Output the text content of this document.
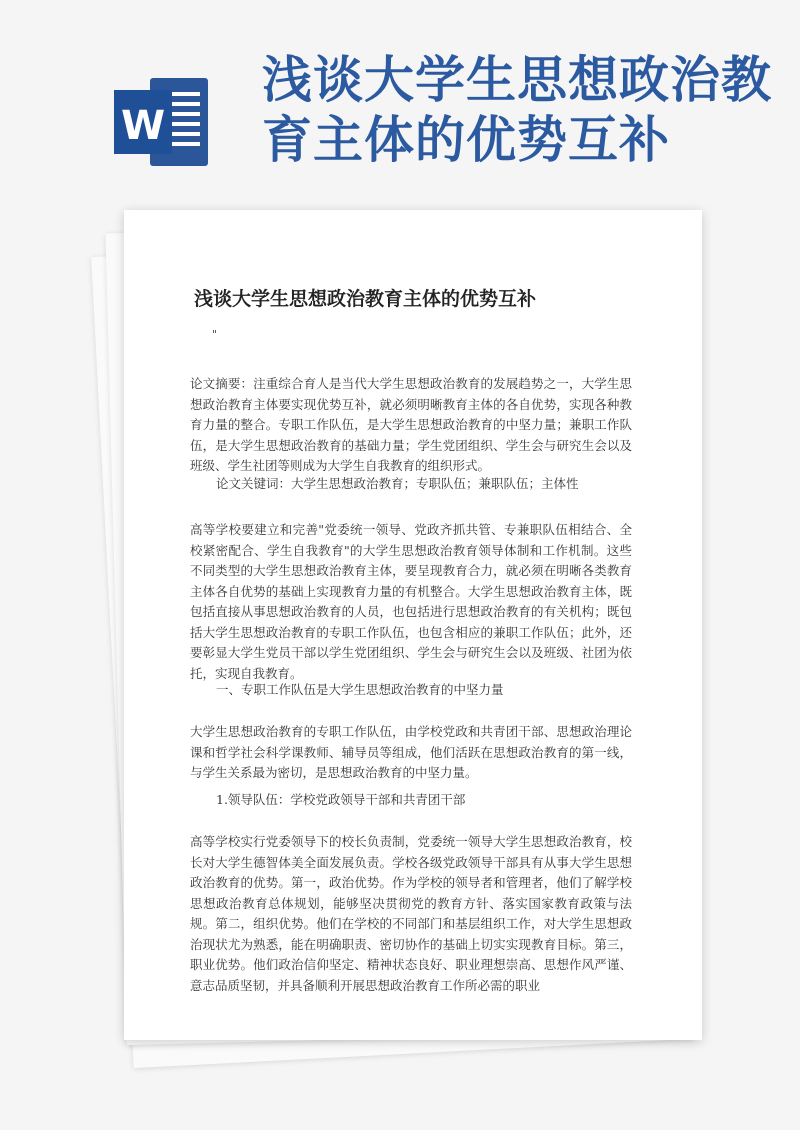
W
浅谈大学生思想政治教育主体的优势互补
浅谈大学生思想政治教育主体的优势互补
"

论文摘要：注重综合育人是当代大学生思想政治教育的发展趋势之一，大学生思想政治教育主体要实现优势互补，就必须明晰教育主体的各自优势，实现各种教育力量的整合。专职工作队伍，是大学生思想政治教育的中坚力量；兼职工作队伍，是大学生思想政治教育的基础力量；学生党团组织、学生会与研究生会以及班级、学生社团等则成为大学生自我教育的组织形式。

论文关键词：大学生思想政治教育；专职队伍；兼职队伍；主体性

高等学校要建立和完善"党委统一领导、党政齐抓共管、专兼职队伍相结合、全校紧密配合、学生自我教育"的大学生思想政治教育领导体制和工作机制。这些不同类型的大学生思想政治教育主体，要呈现教育合力，就必须在明晰各类教育主体各自优势的基础上实现教育力量的有机整合。大学生思想政治教育主体，既包括直接从事思想政治教育的人员，也包括进行思想政治教育的有关机构；既包括大学生思想政治教育的专职工作队伍，也包含相应的兼职工作队伍；此外，还要彰显大学生党员干部以学生党团组织、学生会与研究生会以及班级、社团为依托，实现自我教育。

一、专职工作队伍是大学生思想政治教育的中坚力量

大学生思想政治教育的专职工作队伍，由学校党政和共青团干部、思想政治理论课和哲学社会科学课教师、辅导员等组成，他们活跃在思想政治教育的第一线，与学生关系最为密切，是思想政治教育的中坚力量。

1.领导队伍：学校党政领导干部和共青团干部

高等学校实行党委领导下的校长负责制，党委统一领导大学生思想政治教育，校长对大学生德智体美全面发展负责。学校各级党政领导干部具有从事大学生思想政治教育的优势。第一，政治优势。作为学校的领导者和管理者，他们了解学校思想政治教育总体规划，能够坚决贯彻党的教育方针、落实国家教育政策与法规。第二，组织优势。他们在学校的不同部门和基层组织工作，对大学生思想政治现状尤为熟悉，能在明确职责、密切协作的基础上切实实现教育目标。第三，职业优势。他们政治信仰坚定、精神状态良好、职业理想崇高、思想作风严谨、意志品质坚韧，并具备顺利开展思想政治教育工作所必需的职业
